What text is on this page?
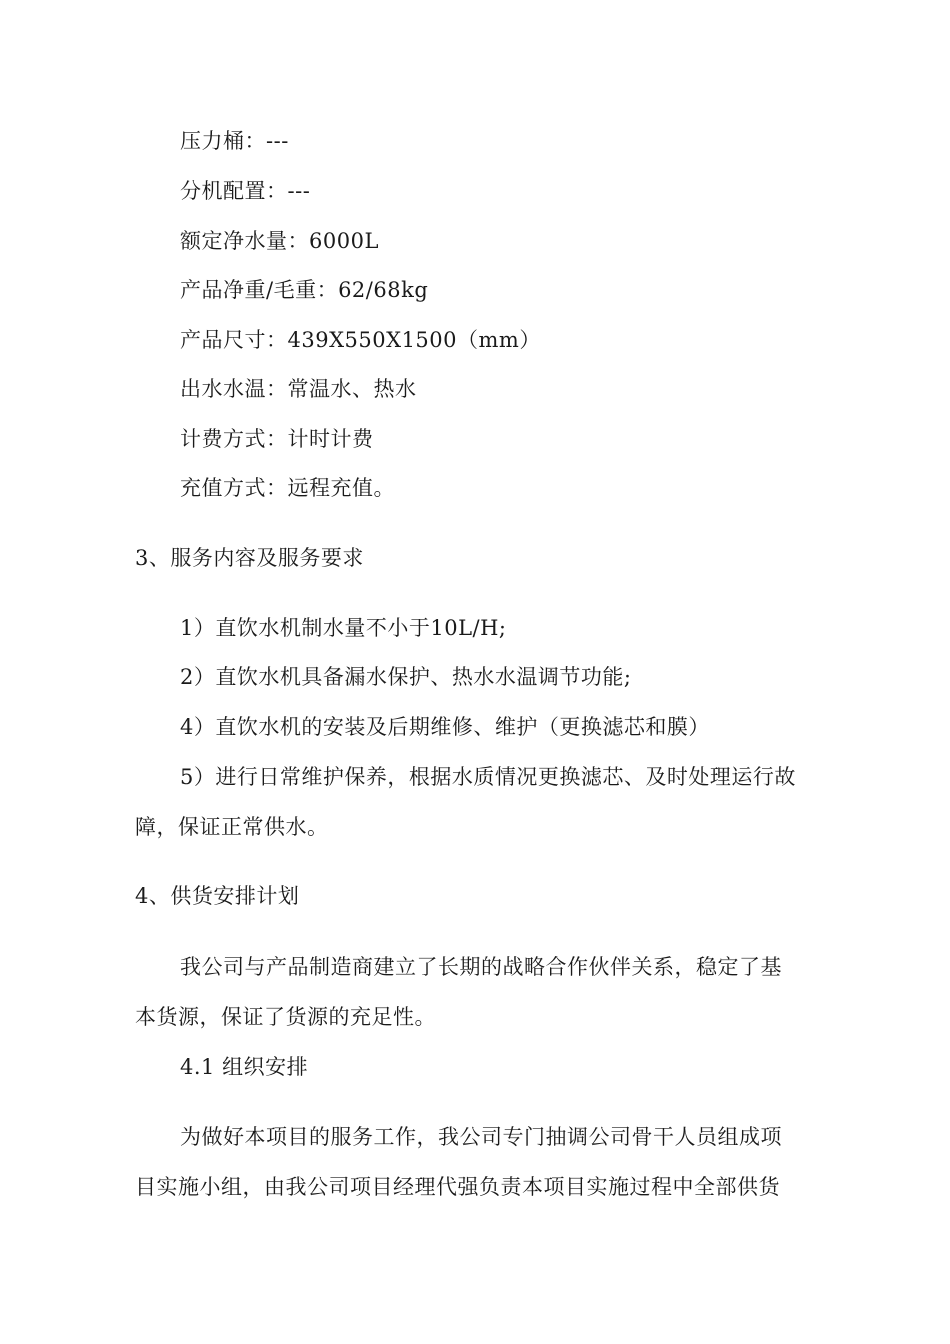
压力桶：---
分机配置：---
额定净水量：6000L
产品净重/毛重：62/68kg
产品尺寸：439X550X1500（mm）
出水水温：常温水、热水
计费方式：计时计费
充值方式：远程充值。
3、服务内容及服务要求
1）直饮水机制水量不小于10L/H;
2）直饮水机具备漏水保护、热水水温调节功能;
4）直饮水机的安装及后期维修、维护（更换滤芯和膜）
5）进行日常维护保养，根据水质情况更换滤芯、及时处理运行故
障，保证正常供水。
4、供货安排计划
我公司与产品制造商建立了长期的战略合作伙伴关系，稳定了基
本货源，保证了货源的充足性。
4.1 组织安排
为做好本项目的服务工作，我公司专门抽调公司骨干人员组成项
目实施小组，由我公司项目经理代强负责本项目实施过程中全部供货
